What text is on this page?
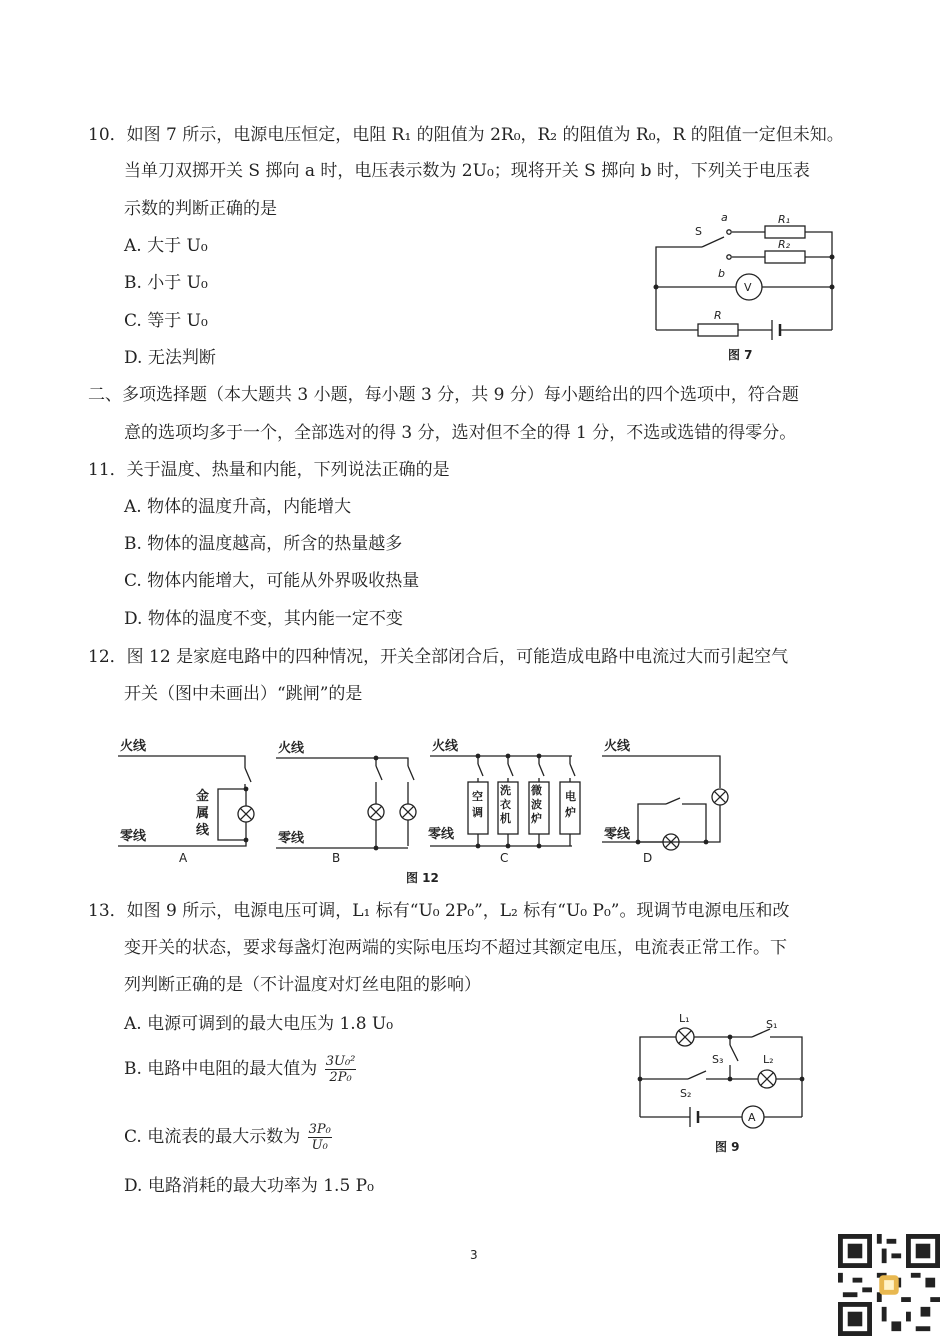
10．如图 7 所示，电源电压恒定，电阻 R₁ 的阻值为 2R₀，R₂ 的阻值为 R₀，R 的阻值一定但未知。
当单刀双掷开关 S 掷向 a 时，电压表示数为 2U₀；现将开关 S 掷向 b 时，下列关于电压表
示数的判断正确的是
A. 大于 U₀
B. 小于 U₀
C. 等于 U₀
D. 无法判断
S
a
b
R₁
R₂
V
R
图 7
二、多项选择题（本大题共 3 小题，每小题 3 分，共 9 分）每小题给出的四个选项中，符合题
意的选项均多于一个，全部选对的得 3 分，选对但不全的得 1 分，不选或选错的得零分。
11．关于温度、热量和内能，下列说法正确的是
A. 物体的温度升高，内能增大
B. 物体的温度越高，所含的热量越多
C. 物体内能增大，可能从外界吸收热量
D. 物体的温度不变，其内能一定不变
12．图 12 是家庭电路中的四种情况，开关全部闭合后，可能造成电路中电流过大而引起空气
开关（图中未画出）“跳闸”的是
火线
零线
金
属
线
火线
零线
火线
零线
火线
零线
空
调
洗
衣
机
微
波
炉
电
炉
A	B	C	D
图 12
13．如图 9 所示，电源电压可调，L₁ 标有“U₀ 2P₀”，L₂ 标有“U₀ P₀”。现调节电源电压和改
变开关的状态，要求每盏灯泡两端的实际电压均不超过其额定电压，电流表正常工作。下
列判断正确的是（不计温度对灯丝电阻的影响）
A. 电源可调到的最大电压为 1.8 U₀
B. 电路中电阻的最大值为 $\frac{\text{3U₀²}}{\text{2P₀}}$
C. 电流表的最大示数为 $\frac{\text{3P₀}}{\text{U₀}}$
D. 电路消耗的最大功率为 1.5 P₀
L₁	S₁
S₃	L₂
S₂
A
图 9
3
